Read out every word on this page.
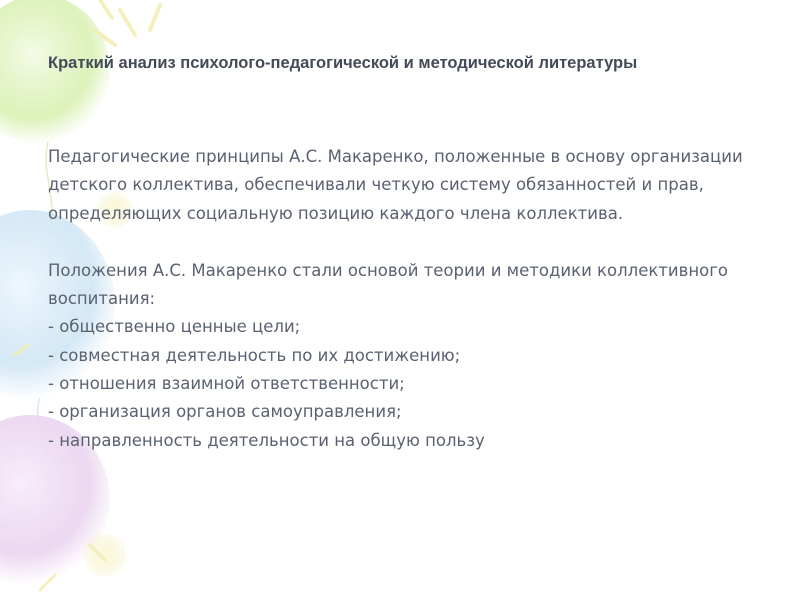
Краткий анализ психолого-педагогической и методической литературы

Педагогические принципы А.С. Макаренко, положенные в основу организации детского коллектива, обеспечивали четкую систему обязанностей и прав, определяющих социальную позицию каждого члена коллектива.

Положения А.С. Макаренко стали основой теории и методики коллективного воспитания:

- общественно ценные цели;
- совместная деятельность по их достижению;
- отношения взаимной ответственности;
- организация органов самоуправления;
- направленность деятельности на общую пользу
